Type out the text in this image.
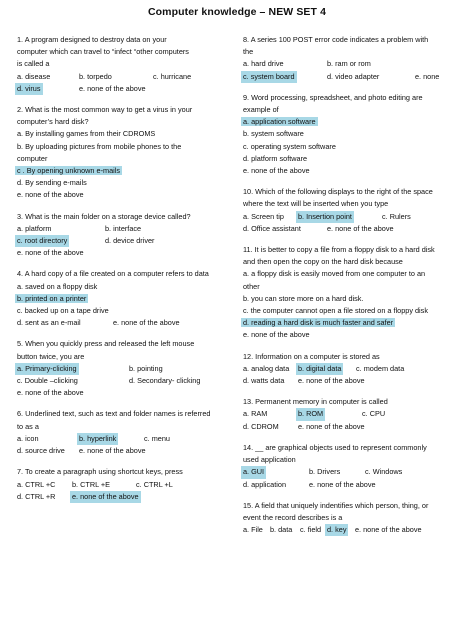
Computer knowledge – NEW SET 4
1. A program designed to destroy data on your
computer which can travel to “infect “other computers
is called a
a. disease	b. torpedo	c. hurricane
d. virus	e. none of the above
2. What is the most common way to get a virus in your
computer’s hard disk?
a. By installing games from their CDROMS
b. By uploading pictures from mobile phones to the
computer
c . By opening unknown e-mails
d. By sending e-mails
e. none of the above
3. What is the main folder on a storage device called?
a. platform	b. interface
c. root directory	d. device driver
e. none of the above
4. A hard copy of a file created on a computer refers to data
a. saved on a floppy disk
b. printed on a printer
c. backed up on a tape drive
d. sent as an e-mail	e. none of the above
5. When you quickly press and released the left mouse
button twice, you are
a. Primary-clicking	b. pointing
c. Double –clicking	d. Secondary- clicking
e. none of the above
6. Underlined text, such as text and folder names is referred
to as a
a. icon	b. hyperlink	c. menu
d. source drive	e. none of the above
7. To create a paragraph using shortcut keys, press
a. CTRL +C	b. CTRL +E	c. CTRL +L
d. CTRL +R	e. none of the above
8. A series 100 POST error code indicates a problem with
the
a. hard drive	b. ram or rom
c. system board	d. video adapter	e. none
9. Word processing, spreadsheet, and photo editing are
example of
a. application software
b. system software
c. operating system software
d. platform software
e. none of the above
10. Which of the following displays to the right of the space
where the text will be inserted when you type
a. Screen tip	b. Insertion point	c. Rulers
d. Office assistant	e. none of the above
11. It is better to copy a file from a floppy disk to a hard disk
and then open the copy on the hard disk because
a. a floppy disk is easily moved from one computer to an
other
b. you can store more on a hard disk.
c. the computer cannot open a file stored on a floppy disk
d. reading a hard disk is much faster and safer
e. none of the above
12. Information on a computer is stored as
a. analog data	b. digital data	c. modem data
d. watts data	e. none of the above
13. Permanent memory in computer is called
a. RAM	b. ROM	c. CPU
d. CDROM	e. none of the above
14. __ are graphical objects used to represent commonly
used application
a. GUI	b. Drivers	c. Windows
d. application	e. none of the above
15. A field that uniquely indentifies which person, thing, or
event the record describes is a
a. File b. data	c. field d. key	e. none of the above
